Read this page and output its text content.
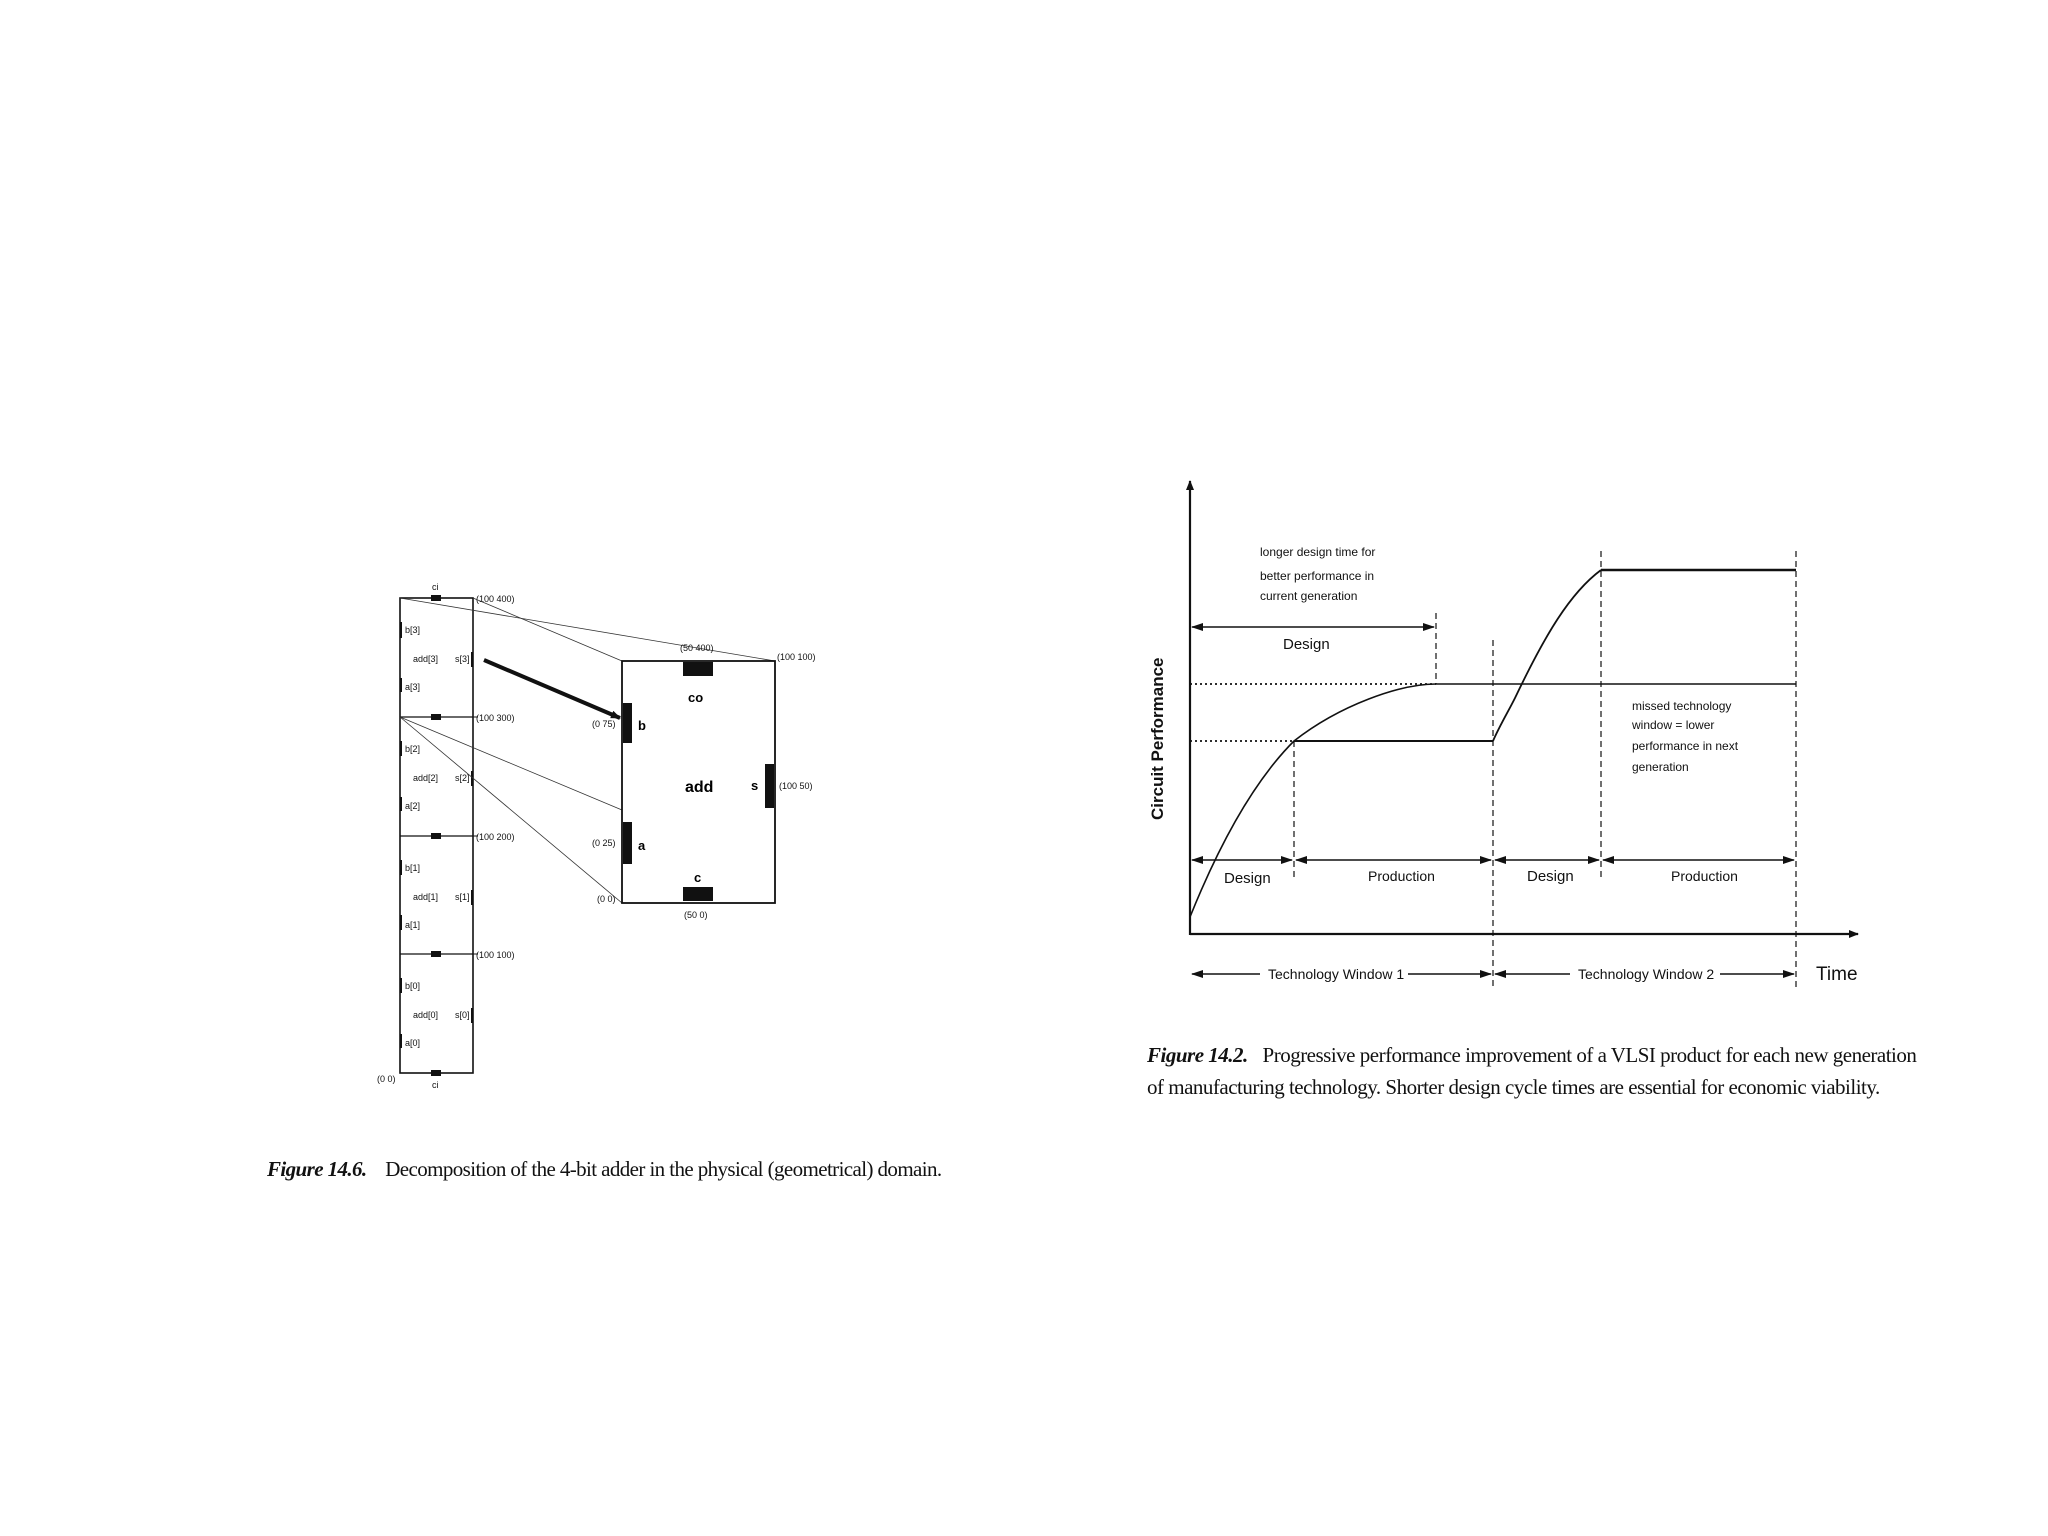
ci
ci
(0 0)
(100 400)
b[3]
add[3] s[3]
a[3]
(100 300)
b[2]
add[2] s[2]
a[2]
(100 200)
b[1]
add[1] s[1]
a[1]
(100 100)
b[0]
add[0] s[0]
a[0]
co
add
b
a
s
c
(50 400)
(100 100)
(0 75)
(0 25)
(100 50)
(0 0)
(50 0)
Circuit Performance
Time
longer design time for
better performance in
current generation
Design
missed technology
window = lower
performance in next
generation
Design	Production	Design	Production
Technology Window 1	Technology Window 2
Figure 14.6. Decomposition of the 4-bit adder in the physical (geometrical) domain.
Figure 14.2. Progressive performance improvement of a VLSI product for each new generation
of manufacturing technology. Shorter design cycle times are essential for economic viability.
